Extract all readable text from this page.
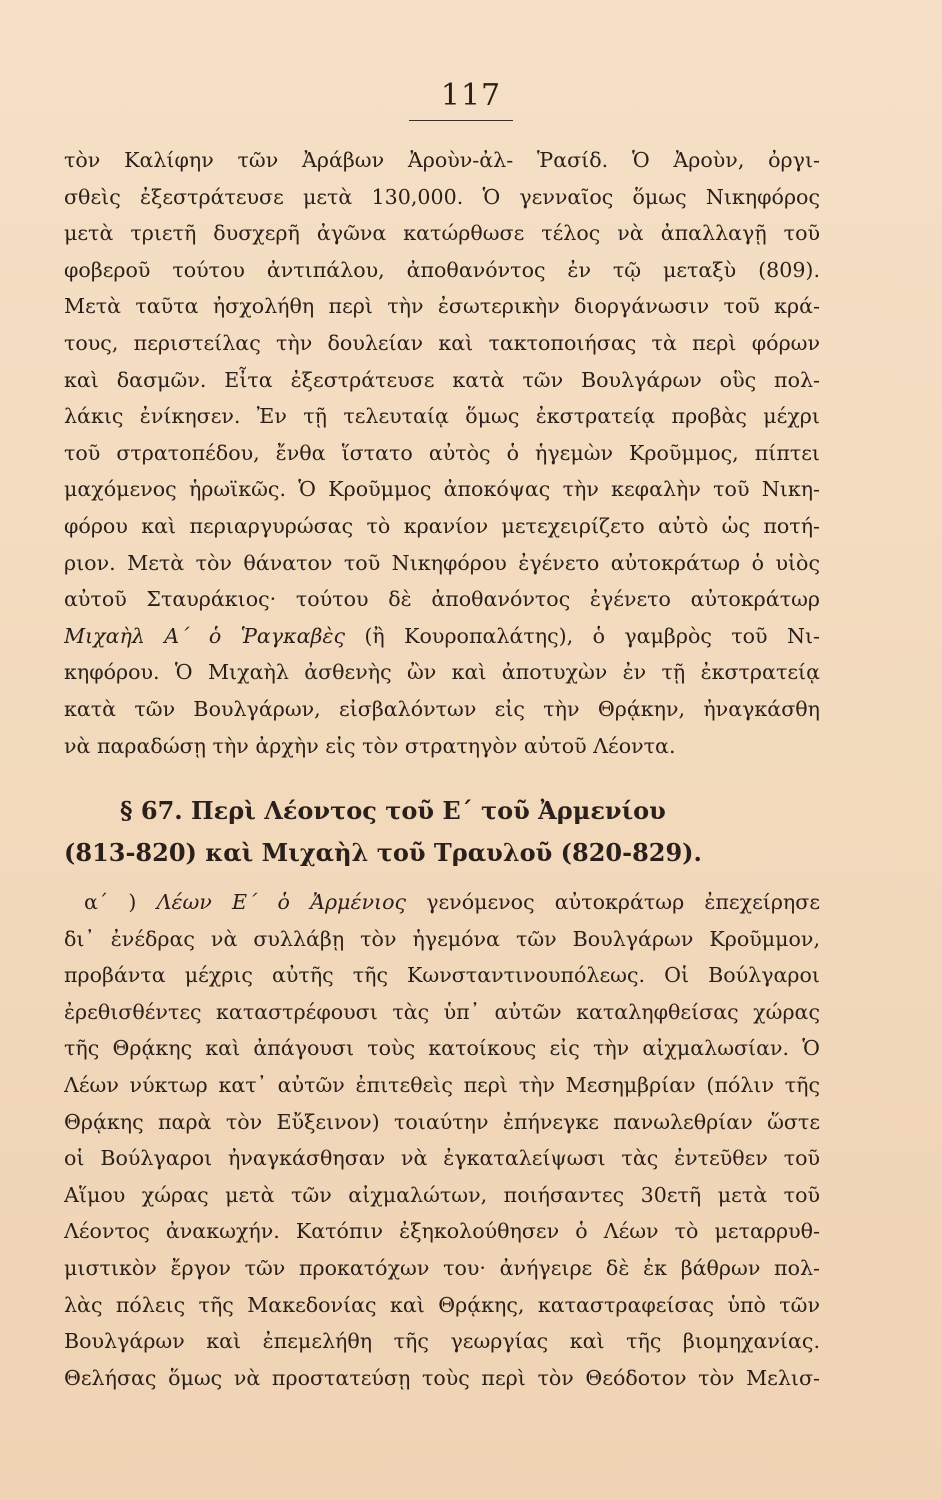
117
τὸν Καλίφην τῶν Ἀράβων Ἀροὺν-ἀλ- Ῥασίδ. Ὁ Ἀροὺν, ὀργι-
σθεὶς ἐξεστράτευσε μετὰ 130,000. Ὁ γενναῖος ὅμως Νικηφόρος
μετὰ τριετῆ δυσχερῆ ἀγῶνα κατώρθωσε τέλος νὰ ἀπαλλαγῇ τοῦ
φοβεροῦ τούτου ἀντιπάλου, ἀποθανόντος ἐν τῷ μεταξὺ (809).
Μετὰ ταῦτα ἠσχολήθη περὶ τὴν ἐσωτερικὴν διοργάνωσιν τοῦ κρά-
τους, περιστείλας τὴν δουλείαν καὶ τακτοποιήσας τὰ περὶ φόρων
καὶ δασμῶν. Εἶτα ἐξεστράτευσε κατὰ τῶν Βουλγάρων οὓς πολ-
λάκις ἐνίκησεν. Ἐν τῇ τελευταίᾳ ὅμως ἐκστρατείᾳ προβὰς μέχρι
τοῦ στρατοπέδου, ἔνθα ἵστατο αὐτὸς ὁ ἡγεμὼν Κροῦμμος, πίπτει
μαχόμενος ἡρωϊκῶς. Ὁ Κροῦμμος ἀποκόψας τὴν κεφαλὴν τοῦ Νικη-
φόρου καὶ περιαργυρώσας τὸ κρανίον μετεχειρίζετο αὐτὸ ὡς ποτή-
ριον. Μετὰ τὸν θάνατον τοῦ Νικηφόρου ἐγένετο αὐτοκράτωρ ὁ υἱὸς
αὐτοῦ Σταυράκιος· τούτου δὲ ἀποθανόντος ἐγένετο αὐτοκράτωρ
Μιχαὴλ Α΄ ὁ Ῥαγκαβὲς (ἢ Κουροπαλάτης), ὁ γαμβρὸς τοῦ Νι-
κηφόρου. Ὁ Μιχαὴλ ἀσθενὴς ὢν καὶ ἀποτυχὼν ἐν τῇ ἐκστρατείᾳ
κατὰ τῶν Βουλγάρων, εἰσβαλόντων εἰς τὴν Θρᾴκην, ἠναγκάσθη
νὰ παραδώσῃ τὴν ἀρχὴν εἰς τὸν στρατηγὸν αὐτοῦ Λέοντα.
§ 67. Περὶ Λέοντος τοῦ Ε΄ τοῦ Ἀρμενίου
(813-820) καὶ Μιχαὴλ τοῦ Τραυλοῦ (820-829).
α΄ ) Λέων Ε΄ ὁ Ἀρμένιος γενόμενος αὐτοκράτωρ ἐπεχείρησε
δι᾿ ἐνέδρας νὰ συλλάβῃ τὸν ἡγεμόνα τῶν Βουλγάρων Κροῦμμον,
προβάντα μέχρις αὐτῆς τῆς Κωνσταντινουπόλεως. Οἱ Βούλγαροι
ἐρεθισθέντες καταστρέφουσι τὰς ὑπ᾿ αὐτῶν καταληφθείσας χώρας
τῆς Θρᾴκης καὶ ἀπάγουσι τοὺς κατοίκους εἰς τὴν αἰχμαλωσίαν. Ὁ
Λέων νύκτωρ κατ᾿ αὐτῶν ἐπιτεθεὶς περὶ τὴν Μεσημβρίαν (πόλιν τῆς
Θρᾴκης παρὰ τὸν Εὔξεινον) τοιαύτην ἐπήνεγκε πανωλεθρίαν ὥστε
οἱ Βούλγαροι ἠναγκάσθησαν νὰ ἐγκαταλείψωσι τὰς ἐντεῦθεν τοῦ
Αἵμου χώρας μετὰ τῶν αἰχμαλώτων, ποιήσαντες 30ετῆ μετὰ τοῦ
Λέοντος ἀνακωχήν. Κατόπιν ἐξηκολούθησεν ὁ Λέων τὸ μεταρρυθ-
μιστικὸν ἔργον τῶν προκατόχων του· ἀνήγειρε δὲ ἐκ βάθρων πολ-
λὰς πόλεις τῆς Μακεδονίας καὶ Θρᾴκης, καταστραφείσας ὑπὸ τῶν
Βουλγάρων καὶ ἐπεμελήθη τῆς γεωργίας καὶ τῆς βιομηχανίας.
Θελήσας ὅμως νὰ προστατεύσῃ τοὺς περὶ τὸν Θεόδοτον τὸν Μελισ-
